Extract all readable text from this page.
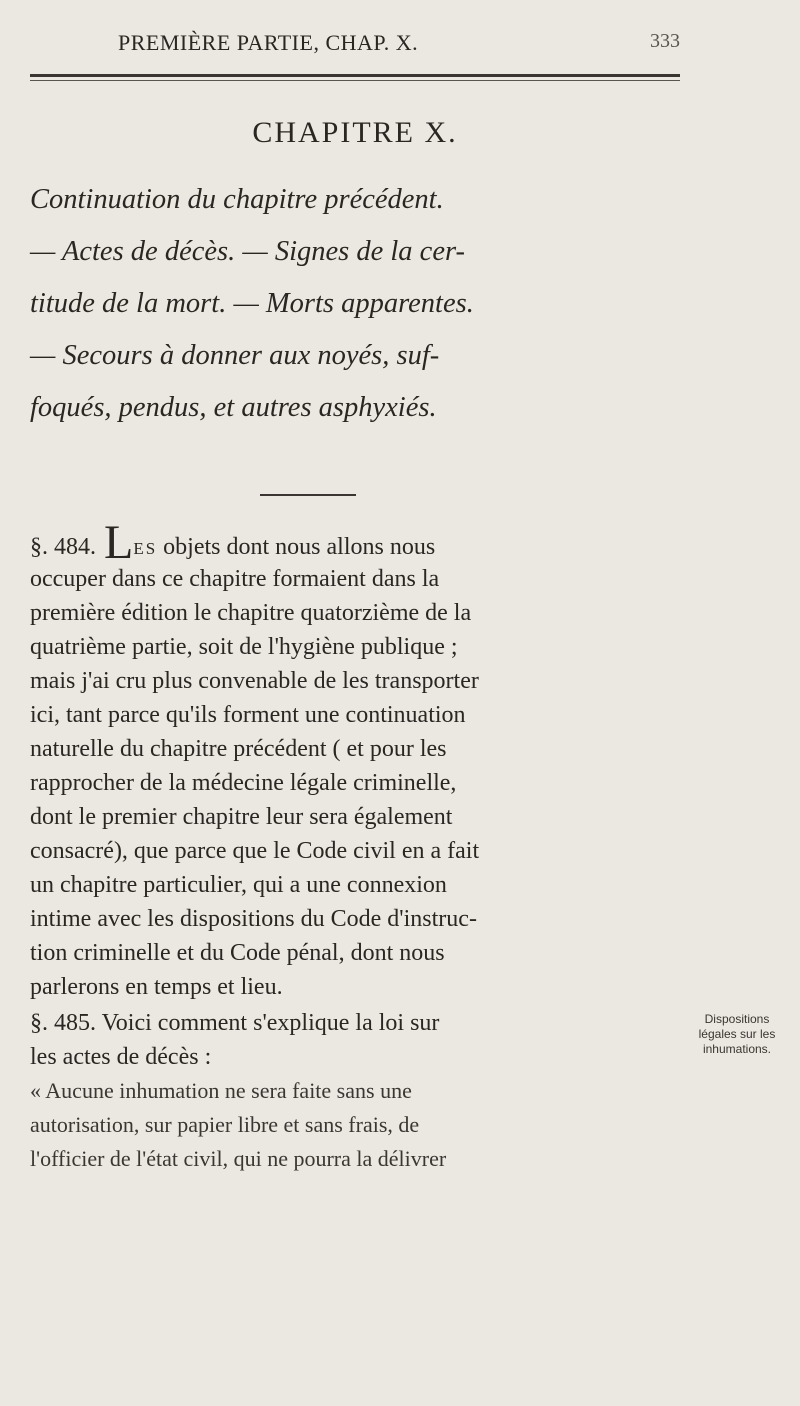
PREMIÈRE PARTIE, CHAP. X.	333
CHAPITRE X.
Continuation du chapitre précédent.
— Actes de décès. — Signes de la cer-
titude de la mort. — Morts apparentes.
— Secours à donner aux noyés, suf-
foqués, pendus, et autres asphyxiés.
§. 484. LES objets dont nous allons nous
occuper dans ce chapitre formaient dans la
première édition le chapitre quatorzième de la
quatrième partie, soit de l'hygiène publique ;
mais j'ai cru plus convenable de les transporter
ici, tant parce qu'ils forment une continuation
naturelle du chapitre précédent ( et pour les
rapprocher de la médecine légale criminelle,
dont le premier chapitre leur sera également
consacré), que parce que le Code civil en a fait
un chapitre particulier, qui a une connexion
intime avec les dispositions du Code d'instruc-
tion criminelle et du Code pénal, dont nous
parlerons en temps et lieu.
§. 485. Voici comment s'explique la loi sur
les actes de décès :
« Aucune inhumation ne sera faite sans une
autorisation, sur papier libre et sans frais, de
l'officier de l'état civil, qui ne pourra la délivrer
Dispositions
légales sur les
inhumations.
